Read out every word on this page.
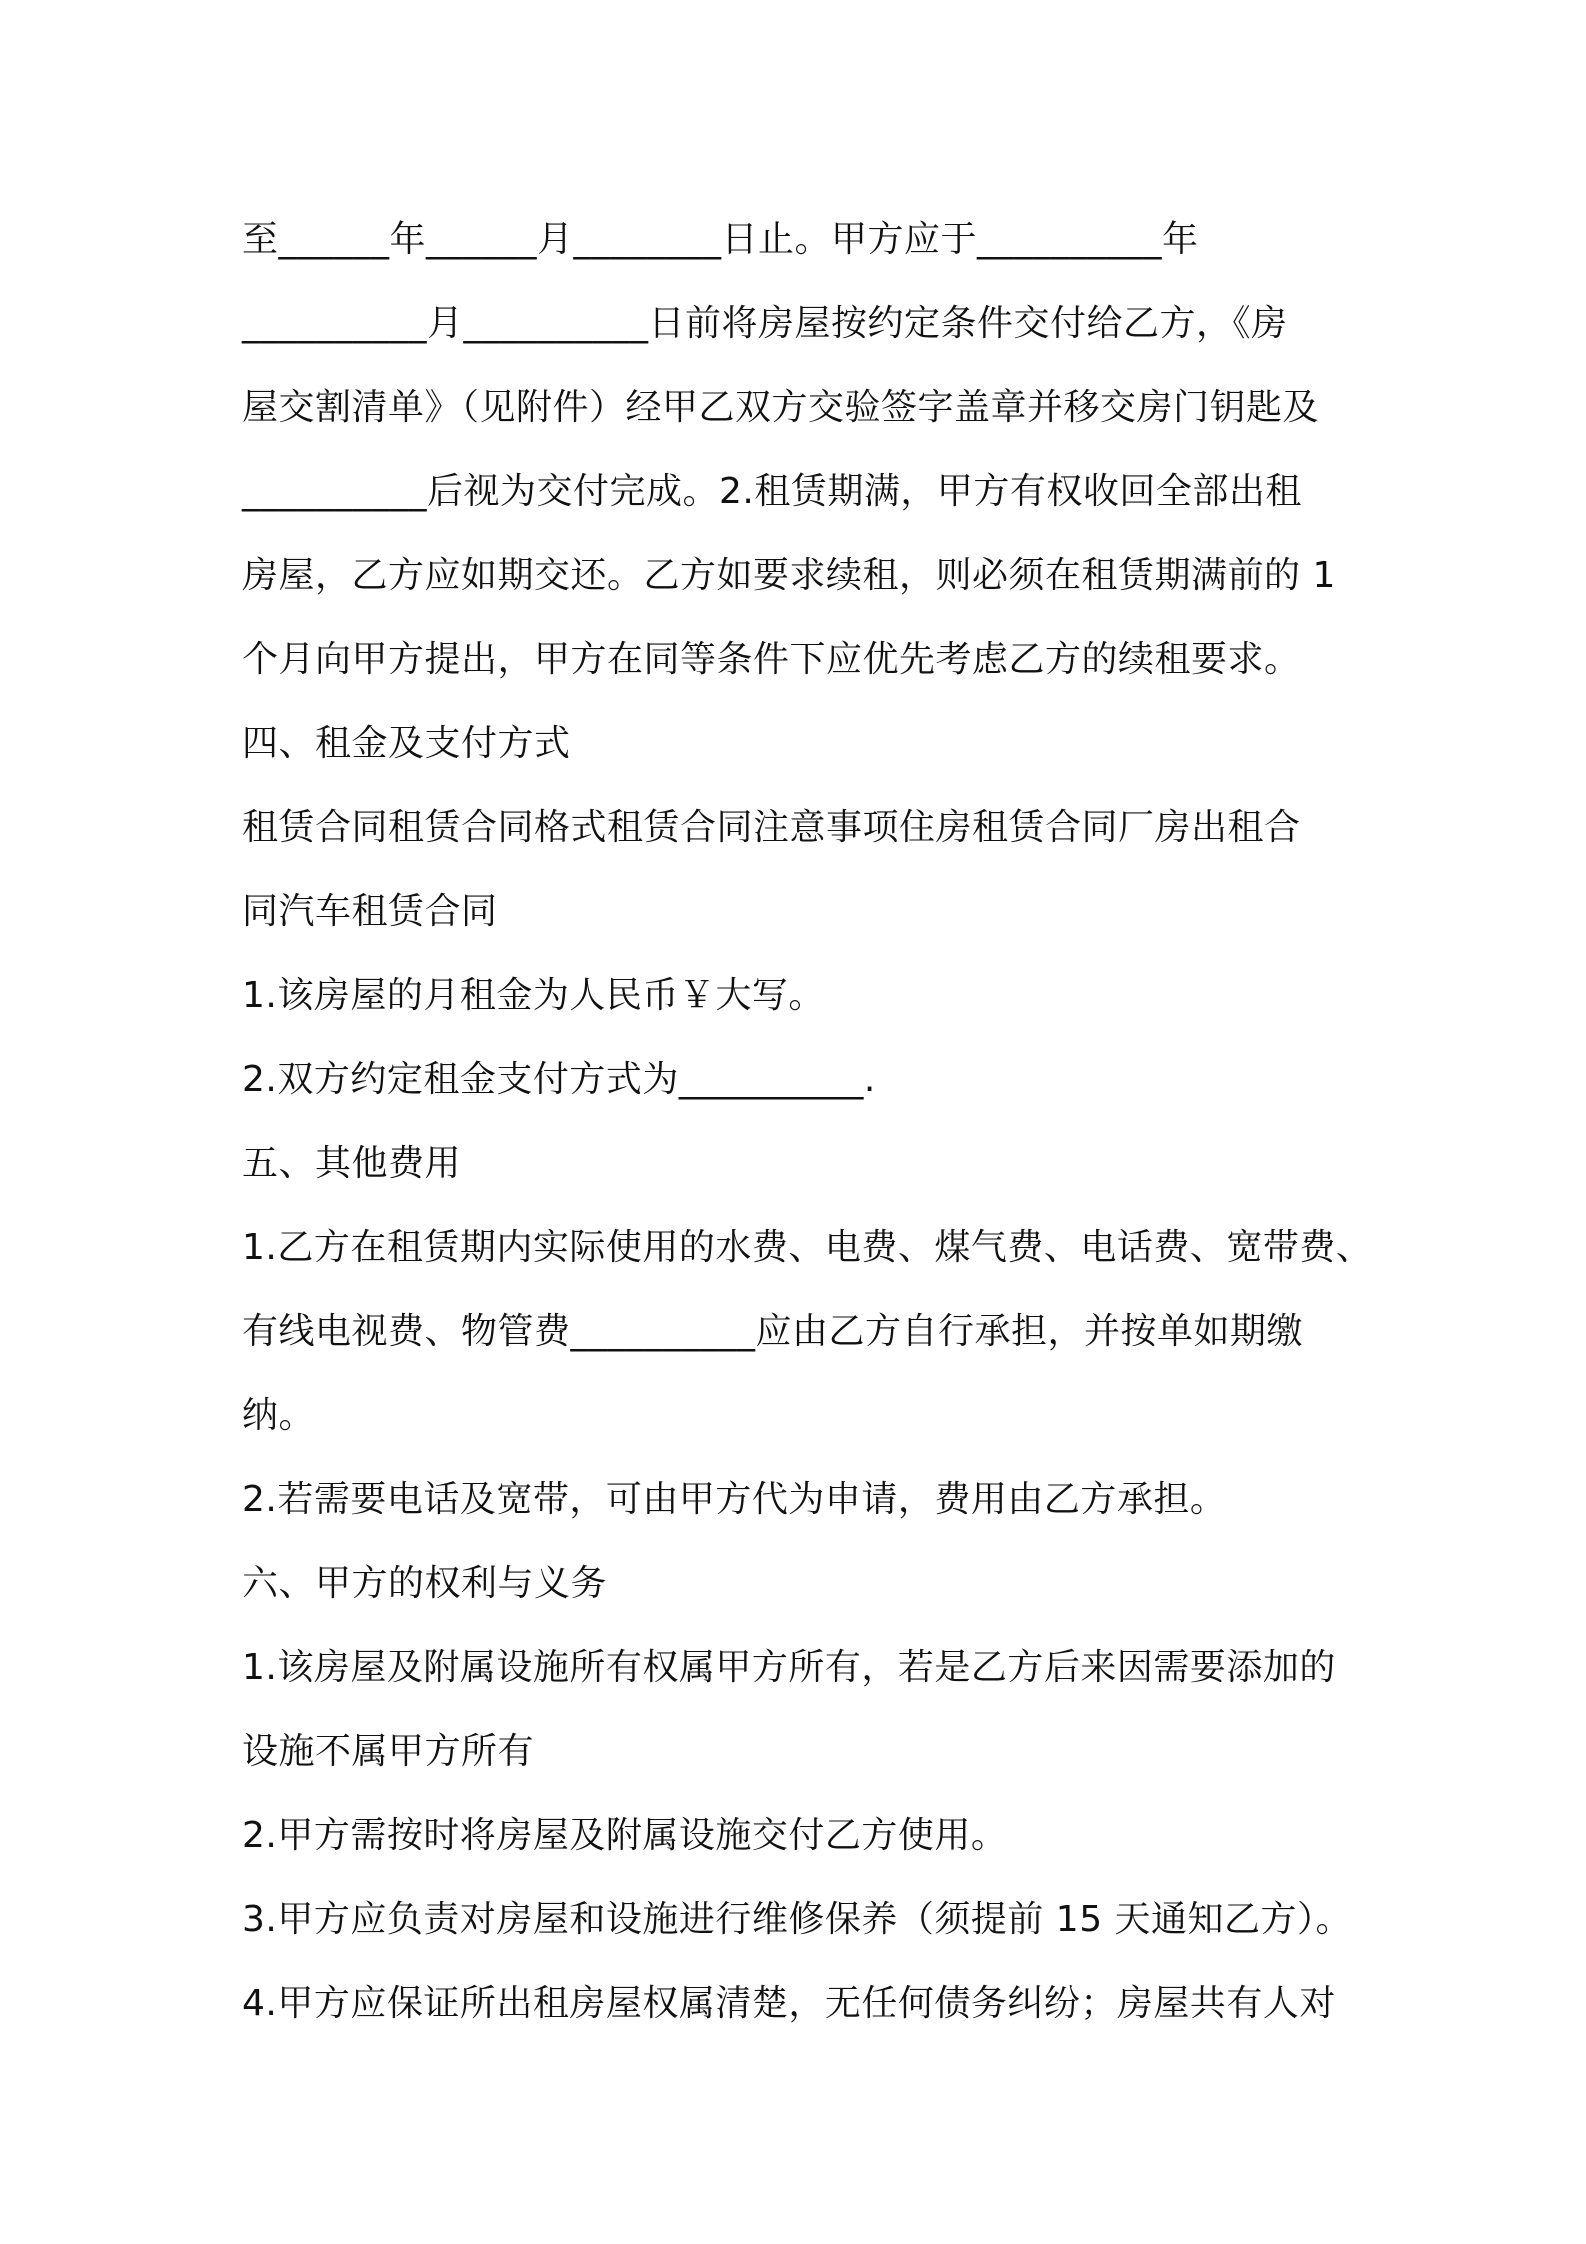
至______年______月________日止。甲方应于__________年
__________月__________日前将房屋按约定条件交付给乙方，《房
屋交割清单》（见附件）经甲乙双方交验签字盖章并移交房门钥匙及
__________后视为交付完成。2.租赁期满，甲方有权收回全部出租
房屋，乙方应如期交还。乙方如要求续租，则必须在租赁期满前的 1
个月向甲方提出，甲方在同等条件下应优先考虑乙方的续租要求。
四、租金及支付方式
租赁合同租赁合同格式租赁合同注意事项住房租赁合同厂房出租合
同汽车租赁合同
1.该房屋的月租金为人民币￥大写。
2.双方约定租金支付方式为__________.
五、其他费用
1.乙方在租赁期内实际使用的水费、电费、煤气费、电话费、宽带费、
有线电视费、物管费__________应由乙方自行承担，并按单如期缴
纳。
2.若需要电话及宽带，可由甲方代为申请，费用由乙方承担。
六、甲方的权利与义务
1.该房屋及附属设施所有权属甲方所有，若是乙方后来因需要添加的
设施不属甲方所有
2.甲方需按时将房屋及附属设施交付乙方使用。
3.甲方应负责对房屋和设施进行维修保养（须提前 15 天通知乙方）。
4.甲方应保证所出租房屋权属清楚，无任何债务纠纷；房屋共有人对
